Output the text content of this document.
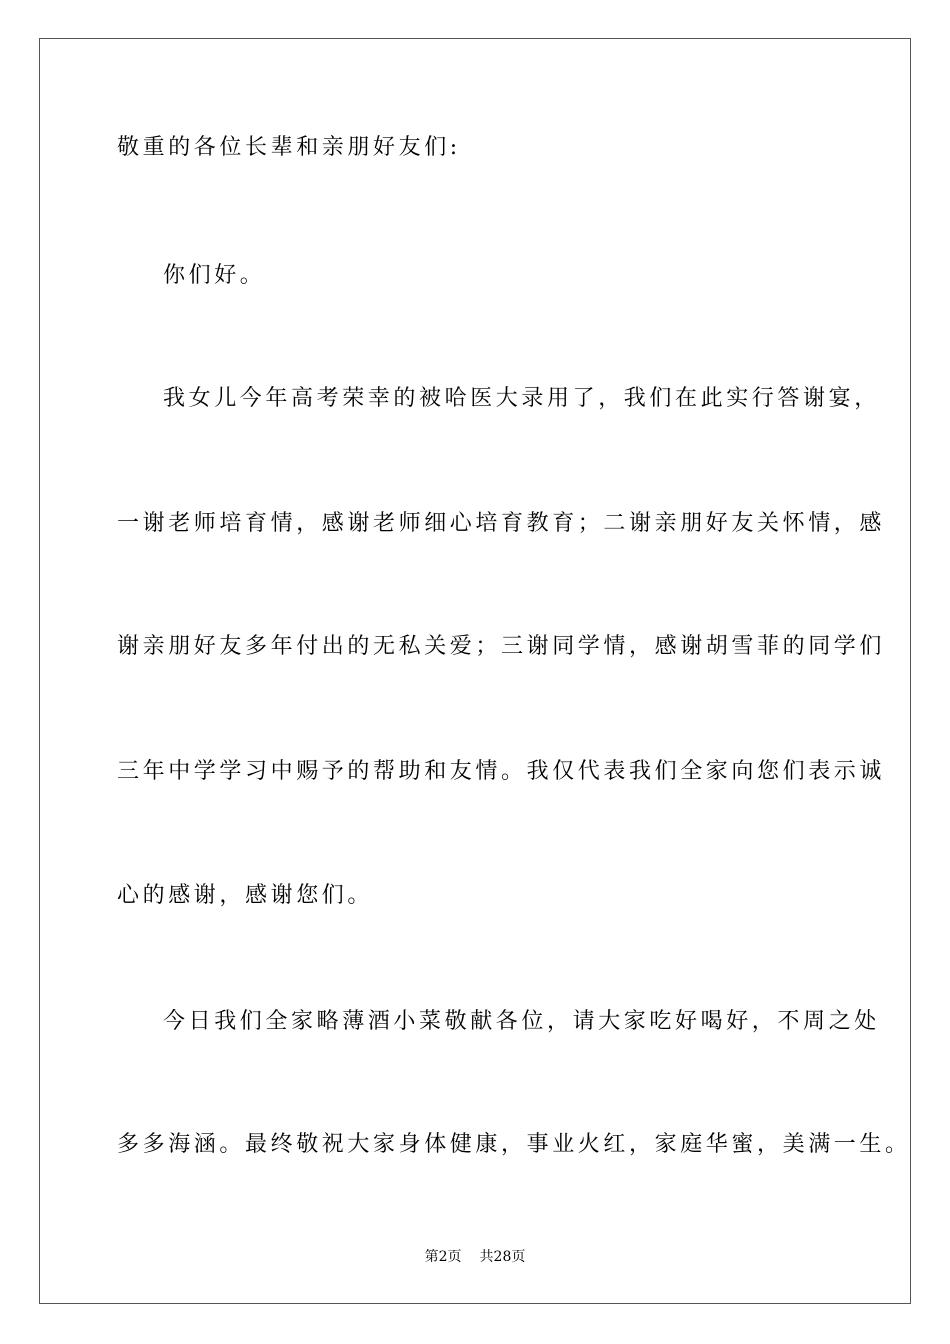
敬重的各位长辈和亲朋好友们:

你们好。

我女儿今年高考荣幸的被哈医大录用了，我们在此实行答谢宴，

一谢老师培育情，感谢老师细心培育教育；二谢亲朋好友关怀情，感

谢亲朋好友多年付出的无私关爱；三谢同学情，感谢胡雪菲的同学们

三年中学学习中赐予的帮助和友情。我仅代表我们全家向您们表示诚

心的感谢，感谢您们。

今日我们全家略薄酒小菜敬献各位，请大家吃好喝好，不周之处

多多海涵。最终敬祝大家身体健康，事业火红，家庭华蜜，美满一生。

第2页 共28页
